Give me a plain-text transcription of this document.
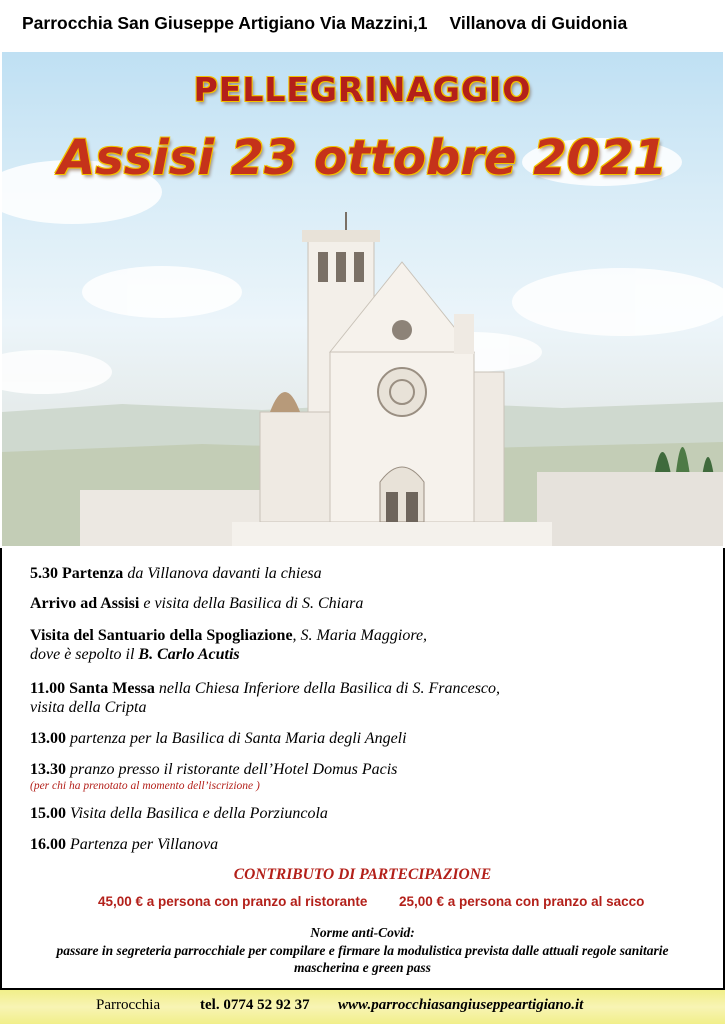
Parrocchia San Giuseppe Artigiano Via Mazzini,1 Villanova di Guidonia
PELLEGRINAGGIO
Assisi 23 ottobre 2021
5.30 Partenza da Villanova davanti la chiesa
Arrivo ad Assisi e visita della Basilica di S. Chiara
Visita del Santuario della Spogliazione, S. Maria Maggiore,
dove è sepolto il B. Carlo Acutis
11.00 Santa Messa nella Chiesa Inferiore della Basilica di S. Francesco,
visita della Cripta
13.00 partenza per la Basilica di Santa Maria degli Angeli
13.30 pranzo presso il ristorante dell’Hotel Domus Pacis
(per chi ha prenotato al momento dell’iscrizione )
15.00 Visita della Basilica e della Porziuncola
16.00 Partenza per Villanova
CONTRIBUTO DI PARTECIPAZIONE
45,00 € a persona con pranzo al ristorante 25,00 € a persona con pranzo al sacco
Norme anti-Covid:
passare in segreteria parrocchiale per compilare e firmare la modulistica prevista dalle attuali regole sanitarie
mascherina e green pass
Parrocchia	tel. 0774 52 92 37 www.parrocchiasangiuseppeartigiano.it
